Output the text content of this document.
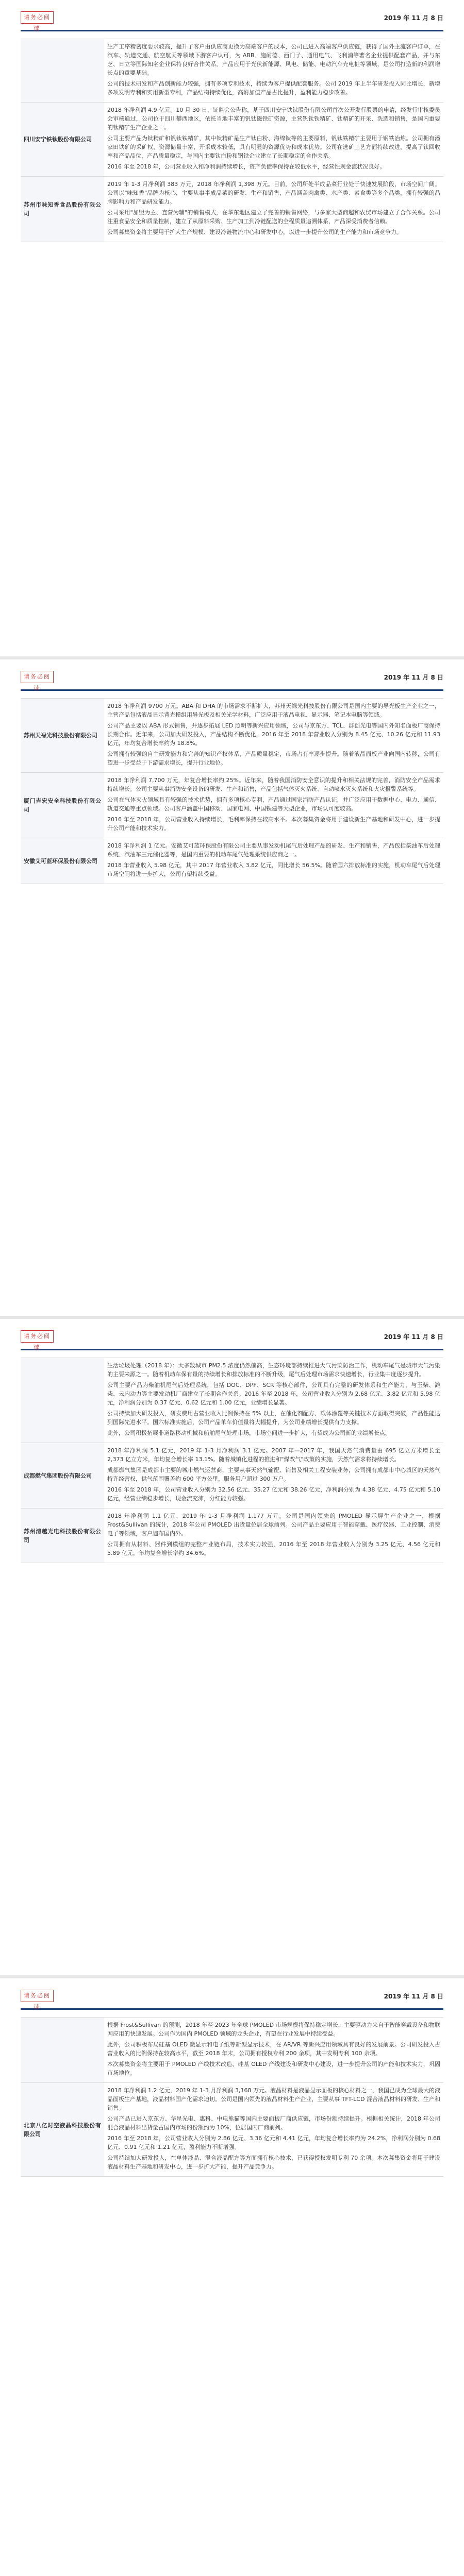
请务必阅读
2019 年 11 月 8 日

	生产工序精密度要求较高，提升了客户由供应商更换为高端客户的成本，公司已进入高端客户供应链，获得了国外主流客户订单，在汽车、轨道交通、航空航天等领域下游客户认可，为 ABB、施耐德、西门子、通用电气、飞利浦等著名企业提供配套产品，并与东芝、日立等国际知名企业保持良好合作关系。产品应用于光伏新能源、风电、储能、电动汽车充电桩等领域，是公司打造新的利润增长点的重要基础。

公司的技术研发和产品创新能力较强，拥有多项专利技术，持续为客户提供配套服务。公司 2019 年上半年研发投入同比增长，新增多项发明专利和实用新型专利，产品结构持续优化，高附加值产品占比提升，盈利能力稳步改善。

四川安宁铁钛股份有限公司	2018 年净利润 4.9 亿元。10 月 30 日，证监会公告称，基于四川安宁铁钛股份有限公司首次公开发行股票的申请，经发行审核委员会审核通过，公司位于四川攀西地区，依托当地丰富的钒钛磁铁矿资源，主营钒钛铁精矿、钛精矿的开采、洗选和销售，是国内重要的钛精矿生产企业之一。

公司主要产品为钛精矿和钒钛铁精矿，其中钛精矿是生产钛白粉、海绵钛等的主要原料，钒钛铁精矿主要用于钢铁冶炼。公司拥有潘家田铁矿的采矿权，资源储量丰富，开采成本较低，具有明显的资源优势和成本优势。公司在选矿工艺方面持续改进，提高了钛回收率和产品品位，产品质量稳定，与国内主要钛白粉和钢铁企业建立了长期稳定的合作关系。

2016 年至 2018 年，公司营业收入和净利润持续增长，资产负债率保持在较低水平，经营性现金流状况良好。

苏州市味知香食品股份有限公司	2019 年 1-3 月净利润 383 万元，2018 年净利润 1,398 万元。目前，公司所处半成品菜行业处于快速发展阶段，市场空间广阔。公司以"味知香"品牌为核心，主要从事半成品菜的研发、生产和销售，产品涵盖肉禽类、水产类、素食类等多个品类，拥有较强的品牌影响力和产品研发能力。

公司采用"加盟为主、直营为辅"的销售模式，在华东地区建立了完善的销售网络，与多家大型商超和农贸市场建立了合作关系。公司注重食品安全和质量控制，建立了从原料采购、生产加工到冷链配送的全程质量追溯体系，产品深受消费者信赖。

公司募集资金将主要用于扩大生产规模、建设冷链物流中心和研发中心，以进一步提升公司的生产能力和市场竞争力。

请务必阅读
2019 年 11 月 8 日
苏州天禄光科技股份有限公司	2018 年净利润 9700 万元。ABA 和 DHA 的市场需求不断扩大，苏州天禄光科技股份有限公司是国内主要的导光板生产企业之一，主营产品包括液晶显示背光模组用导光板及相关光学材料，广泛应用于液晶电视、显示器、笔记本电脑等领域。

公司产品主要以 ABA 形式销售，并逐步拓展 LED 照明等新兴应用领域，公司与京东方、TCL、群创光电等国内外知名面板厂商保持长期合作。近年来，公司加大研发投入，产品结构不断优化，2016 年至 2018 年营业收入分别为 8.45 亿元、10.26 亿元和 11.93 亿元，年均复合增长率约为 18.8%。

公司拥有较强的自主研发能力和完善的知识产权体系，产品质量稳定，市场占有率逐步提升。随着液晶面板产业向国内转移，公司有望进一步受益于下游需求增长，提升行业地位。

厦门吉宏安全科技股份有限公司	2018 年净利润 7,700 万元，年复合增长率约 25%。近年来，随着我国消防安全意识的提升和相关法规的完善，消防安全产品需求持续增长。公司主要从事消防安全设备的研发、生产和销售，产品包括气体灭火系统、自动喷水灭火系统和火灾报警系统等。

公司在气体灭火领域具有较强的技术优势，拥有多项核心专利，产品通过国家消防产品认证，并广泛应用于数据中心、电力、通信、轨道交通等重点领域。公司客户涵盖中国移动、国家电网、中国铁建等大型企业，市场认可度较高。

2016 年至 2018 年，公司营业收入持续增长，毛利率保持在较高水平。本次募集资金将用于建设新生产基地和研发中心，进一步提升公司产能和技术实力。

安徽艾可蓝环保股份有限公司	2018 年净利润 1 亿元。安徽艾可蓝环保股份有限公司主要从事发动机尾气后处理产品的研发、生产和销售，产品包括柴油车后处理系统、汽油车三元催化器等，是国内重要的机动车尾气处理系统供应商之一。

2018 年营业收入 5.98 亿元，其中 2017 年营业收入 3.82 亿元，同比增长 56.5%。随着国六排放标准的实施，机动车尾气后处理市场空间将进一步扩大，公司有望持续受益。

请务必阅读
2019 年 11 月 8 日

	生活垃圾处理（2018 年）：大多数城市 PM2.5 浓度仍然偏高，生态环境部持续推进大气污染防治工作，机动车尾气是城市大气污染的主要来源之一。随着机动车保有量的持续增长和排放标准的不断升级，尾气后处理市场需求快速增长，行业集中度逐步提升。

公司主要产品为柴油机尾气后处理系统，包括 DOC、DPF、SCR 等核心部件，公司具有完整的研发体系和生产能力，与玉柴、潍柴、云内动力等主要发动机厂商建立了长期合作关系。2016 年至 2018 年，公司营业收入分别为 2.68 亿元、3.82 亿元和 5.98 亿元，净利润分别为 0.37 亿元、0.62 亿元和 1.00 亿元，业绩增长显著。

公司持续加大研发投入，研发费用占营业收入比例保持在 5% 以上，在催化剂配方、载体涂覆等关键技术方面取得突破，产品性能达到国际先进水平。国六标准实施后，公司产品单车价值量将大幅提升，为公司业绩增长提供有力支撑。

此外，公司积极拓展非道路移动机械和船舶尾气处理市场，市场空间进一步扩大，有望成为公司新的业绩增长点。

成都燃气集团股份有限公司	2018 年净利润 5.1 亿元，2019 年 1-3 月净利润 3.1 亿元。2007 年—2017 年，我国天然气消费量由 695 亿立方米增长至 2,373 亿立方米，年均复合增长率 13.1%。随着城镇化进程的推进和"煤改气"政策的实施，天然气需求将持续增长。

成都燃气集团是成都市主要的城市燃气运营商，主要从事天然气输配、销售及相关工程安装业务，公司拥有成都市中心城区的天然气特许经营权，供气范围覆盖约 600 平方公里，服务用户超过 300 万户。

2016 年至 2018 年，公司营业收入分别为 32.56 亿元、35.27 亿元和 38.26 亿元，净利润分别为 4.38 亿元、4.75 亿元和 5.10 亿元，经营业绩稳步增长，现金流充沛，分红能力较强。

苏州清越光电科技股份有限公司	2018 年净利润 1.1 亿元，2019 年 1-3 月净利润 1,177 万元。公司是国内领先的 PMOLED 显示屏生产企业之一，根据 Frost&Sullivan 的统计，2018 年公司 PMOLED 出货量位居全球前列。公司产品主要应用于智能穿戴、医疗仪器、工业控制、消费电子等领域，客户遍布国内外。

公司拥有从材料、器件到模组的完整产业链布局，技术实力较强，2016 年至 2018 年营业收入分别为 3.25 亿元、4.56 亿元和 5.89 亿元，年均复合增长率约 34.6%。

请务必阅读
2019 年 11 月 8 日

	根据 Frost&Sullivan 的预测，2018 年至 2023 年全球 PMOLED 市场规模将保持稳定增长，主要驱动力来自于智能穿戴设备和物联网应用的快速发展。公司作为国内 PMOLED 领域的龙头企业，有望在行业发展中持续受益。

此外，公司积极布局硅基 OLED 微显示和电子纸等新型显示技术，在 AR/VR 等新兴应用领域具有良好的发展前景。公司研发投入占营业收入的比例保持在较高水平，截至 2018 年末，公司拥有授权专利 200 余项，其中发明专利 100 余项。

本次募集资金将主要用于 PMOLED 产线技术改造、硅基 OLED 产线建设和研发中心建设，进一步提升公司的产能和技术实力，巩固市场地位。

北京八亿时空液晶科技股份有限公司	2018 年净利润 1.2 亿元，2019 年 1-3 月净利润 3,168 万元。液晶材料是液晶显示面板的核心材料之一，我国已成为全球最大的液晶面板生产基地，液晶材料国产化需求迫切。公司是国内领先的液晶材料生产企业，主要从事 TFT-LCD 混合液晶材料的研发、生产和销售。

公司产品已进入京东方、华星光电、惠科、中电熊猫等国内主要面板厂商供应链，市场份额持续提升。根据相关统计，2018 年公司混合液晶材料出货量占国内市场的份额约为 10%，位居国内厂商前列。

2016 年至 2018 年，公司营业收入分别为 2.86 亿元、3.36 亿元和 4.41 亿元，年均复合增长率约为 24.2%，净利润分别为 0.68 亿元、0.91 亿元和 1.21 亿元，盈利能力不断增强。

公司持续加大研发投入，在单体液晶、混合液晶配方等方面拥有核心技术，已获得授权发明专利 70 余项。本次募集资金将用于建设液晶材料生产基地和研发中心，进一步扩大产能，提升产品竞争力。
